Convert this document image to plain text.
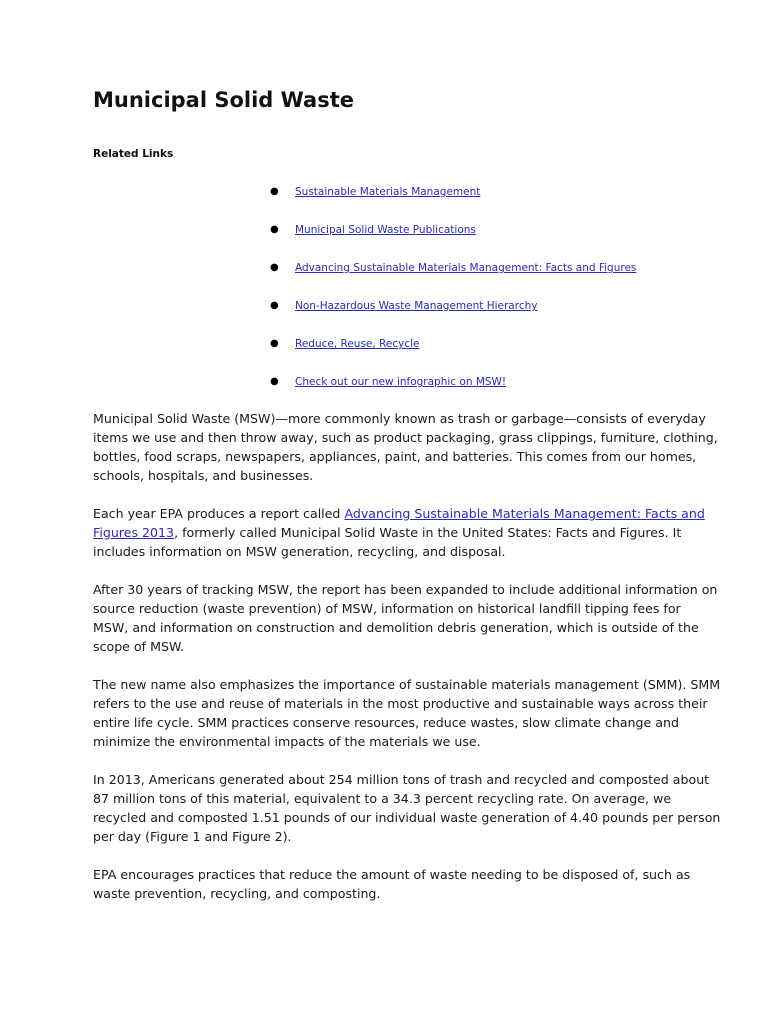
Municipal Solid Waste
Related Links
● Sustainable Materials Management
● Municipal Solid Waste Publications
● Advancing Sustainable Materials Management: Facts and Figures
● Non-Hazardous Waste Management Hierarchy
● Reduce, Reuse, Recycle
● Check out our new infographic on MSW!

Municipal Solid Waste (MSW)—more commonly known as trash or garbage—consists of everyday
items we use and then throw away, such as product packaging, grass clippings, furniture, clothing,
bottles, food scraps, newspapers, appliances, paint, and batteries. This comes from our homes,
schools, hospitals, and businesses.

Each year EPA produces a report called Advancing Sustainable Materials Management: Facts and
Figures 2013, formerly called Municipal Solid Waste in the United States: Facts and Figures. It
includes information on MSW generation, recycling, and disposal.

After 30 years of tracking MSW, the report has been expanded to include additional information on
source reduction (waste prevention) of MSW, information on historical landfill tipping fees for
MSW, and information on construction and demolition debris generation, which is outside of the
scope of MSW.

The new name also emphasizes the importance of sustainable materials management (SMM). SMM
refers to the use and reuse of materials in the most productive and sustainable ways across their
entire life cycle. SMM practices conserve resources, reduce wastes, slow climate change and
minimize the environmental impacts of the materials we use.

In 2013, Americans generated about 254 million tons of trash and recycled and composted about
87 million tons of this material, equivalent to a 34.3 percent recycling rate. On average, we
recycled and composted 1.51 pounds of our individual waste generation of 4.40 pounds per person
per day (Figure 1 and Figure 2).

EPA encourages practices that reduce the amount of waste needing to be disposed of, such as
waste prevention, recycling, and composting.
